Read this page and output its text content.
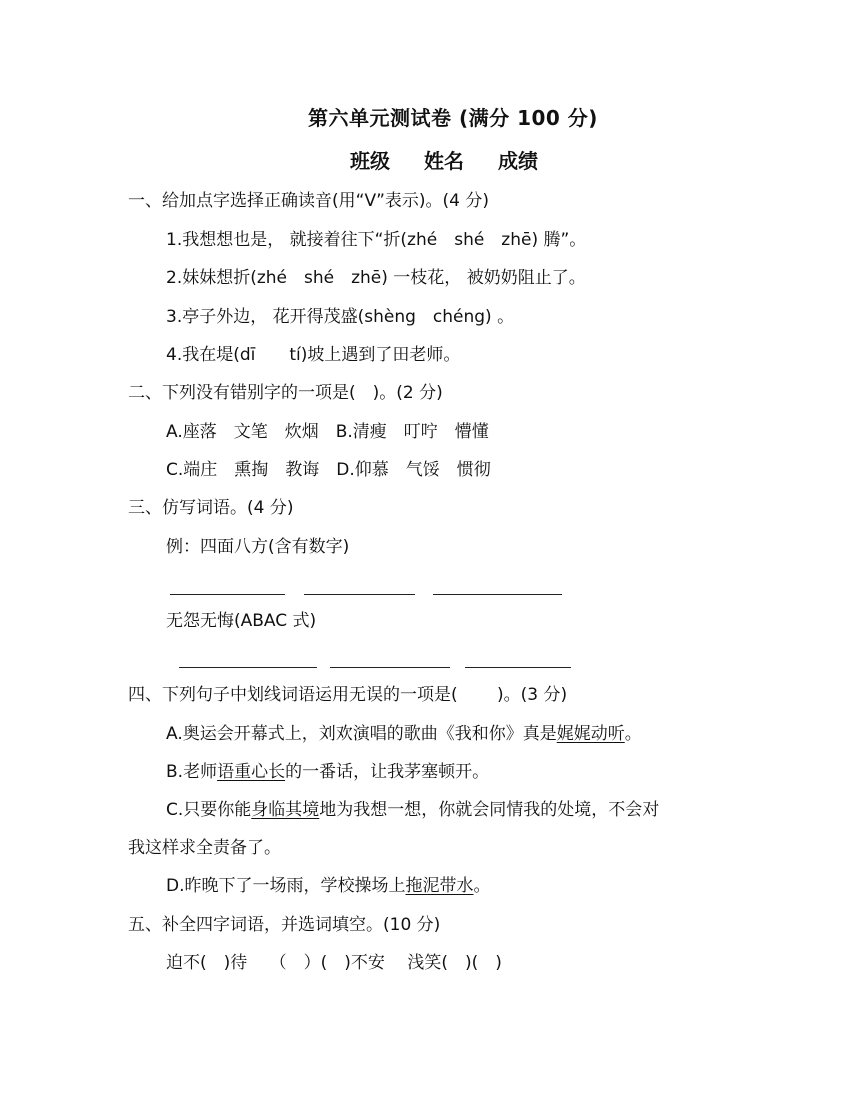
第六单元测试卷 (满分 100 分)
班级 姓名 成绩
一、给加点字选择正确读音(用“V”表示)。(4 分)
1.我想想也是， 就接着往下“折(zhé　shé　zhē) 腾”。
2.妹妹想折(zhé　shé　zhē) 一枝花， 被奶奶阻止了。
3.亭子外边， 花开得茂盛(shèng　chéng) 。
4.我在堤(dī　　tí)坡上遇到了田老师。
二、下列没有错别字的一项是(　)。(2 分)
A.座落　文笔　炊烟　B.清瘦　叮咛　懵懂
C.端庄　熏掏　教诲　D.仰慕　气馁　惯彻
三、仿写词语。(4 分)
例：四面八方(含有数字)
无怨无悔(ABAC 式)
四、下列句子中划线词语运用无误的一项是(　　 )。(3 分)
A.奥运会开幕式上，刘欢演唱的歌曲《我和你》真是娓娓动听。
B.老师语重心长的一番话，让我茅塞顿开。
C.只要你能身临其境地为我想一想，你就会同情我的处境，不会对
我这样求全责备了。
D.昨晚下了一场雨，学校操场上拖泥带水。
五、补全四字词语，并选词填空。(10 分)
迫不(　)待　 （　）(　)不安　 浅笑(　)(　)
